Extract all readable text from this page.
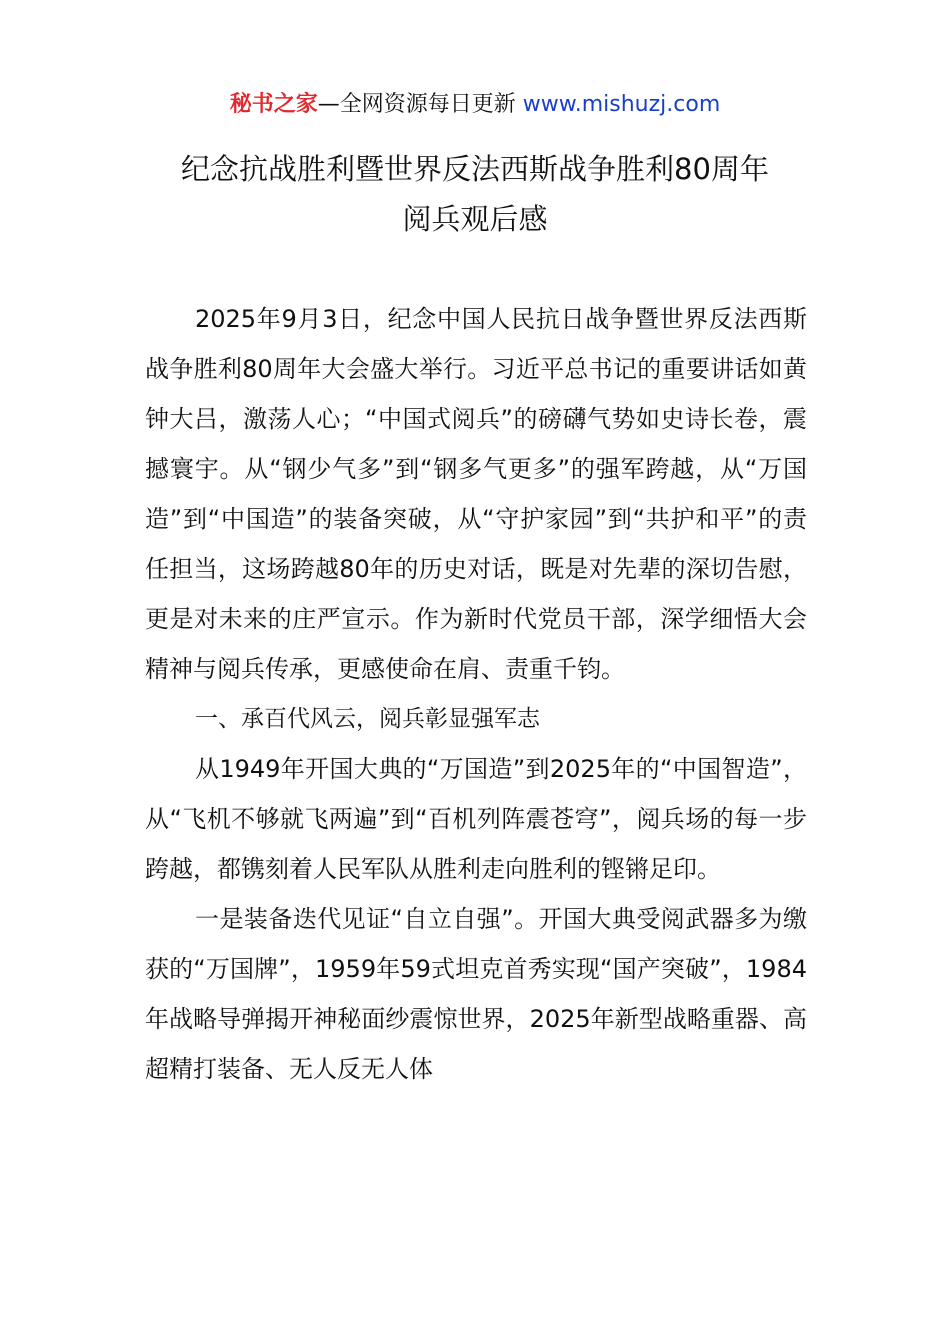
秘书之家—全网资源每日更新 www.mishuzj.com
纪念抗战胜利暨世界反法西斯战争胜利80周年
阅兵观后感

2025年9月3日，纪念中国人民抗日战争暨世界反法西斯战争胜利80周年大会盛大举行。习近平总书记的重要讲话如黄钟大吕，激荡人心；“中国式阅兵”的磅礴气势如史诗长卷，震撼寰宇。从“钢少气多”到“钢多气更多”的强军跨越，从“万国造”到“中国造”的装备突破，从“守护家园”到“共护和平”的责任担当，这场跨越80年的历史对话，既是对先辈的深切告慰，更是对未来的庄严宣示。作为新时代党员干部，深学细悟大会精神与阅兵传承，更感使命在肩、责重千钧。

一、承百代风云，阅兵彰显强军志

从1949年开国大典的“万国造”到2025年的“中国智造”，从“飞机不够就飞两遍”到“百机列阵震苍穹”，阅兵场的每一步跨越，都镌刻着人民军队从胜利走向胜利的铿锵足印。

一是装备迭代见证“自立自强”。开国大典受阅武器多为缴获的“万国牌”，1959年59式坦克首秀实现“国产突破”，1984年战略导弹揭开神秘面纱震惊世界，2025年新型战略重器、高超精打装备、无人反无人体
